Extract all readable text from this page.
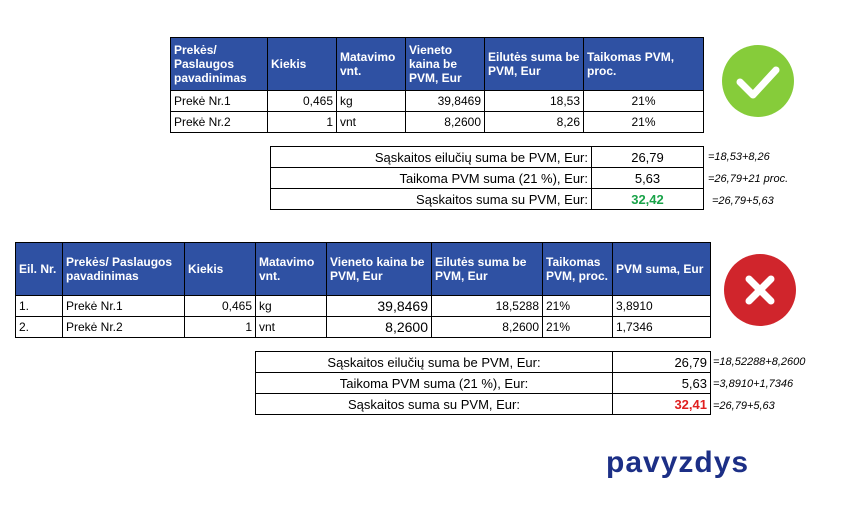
Prekės/ Paslaugos pavadinimas	Kiekis	Matavimo vnt.	Vieneto kaina be PVM, Eur	Eilutės suma be PVM, Eur	Taikomas PVM, proc.
Prekė Nr.1	0,465	kg	39,8469	18,53	21%
Prekė Nr.2	1	vnt	8,2600	8,26	21%
Sąskaitos eilučių suma be PVM, Eur:	26,79
Taikoma PVM suma (21 %), Eur:	5,63
Sąskaitos suma su PVM, Eur:	32,42
=18,53+8,26
=26,79+21 proc.
=26,79+5,63
Eil. Nr.	Prekės/ Paslaugos pavadinimas	Kiekis	Matavimo vnt.	Vieneto kaina be PVM, Eur	Eilutės suma be PVM, Eur	Taikomas PVM, proc.	PVM suma, Eur
1.	Prekė Nr.1	0,465	kg	39,8469	18,5288	21%	3,8910
2.	Prekė Nr.2	1	vnt	8,2600	8,2600	21%	1,7346
Sąskaitos eilučių suma be PVM, Eur:	26,79
Taikoma PVM suma (21 %), Eur:	5,63
Sąskaitos suma su PVM, Eur:	32,41
=18,52288+8,2600
=3,8910+1,7346
=26,79+5,63
pavyzdys
